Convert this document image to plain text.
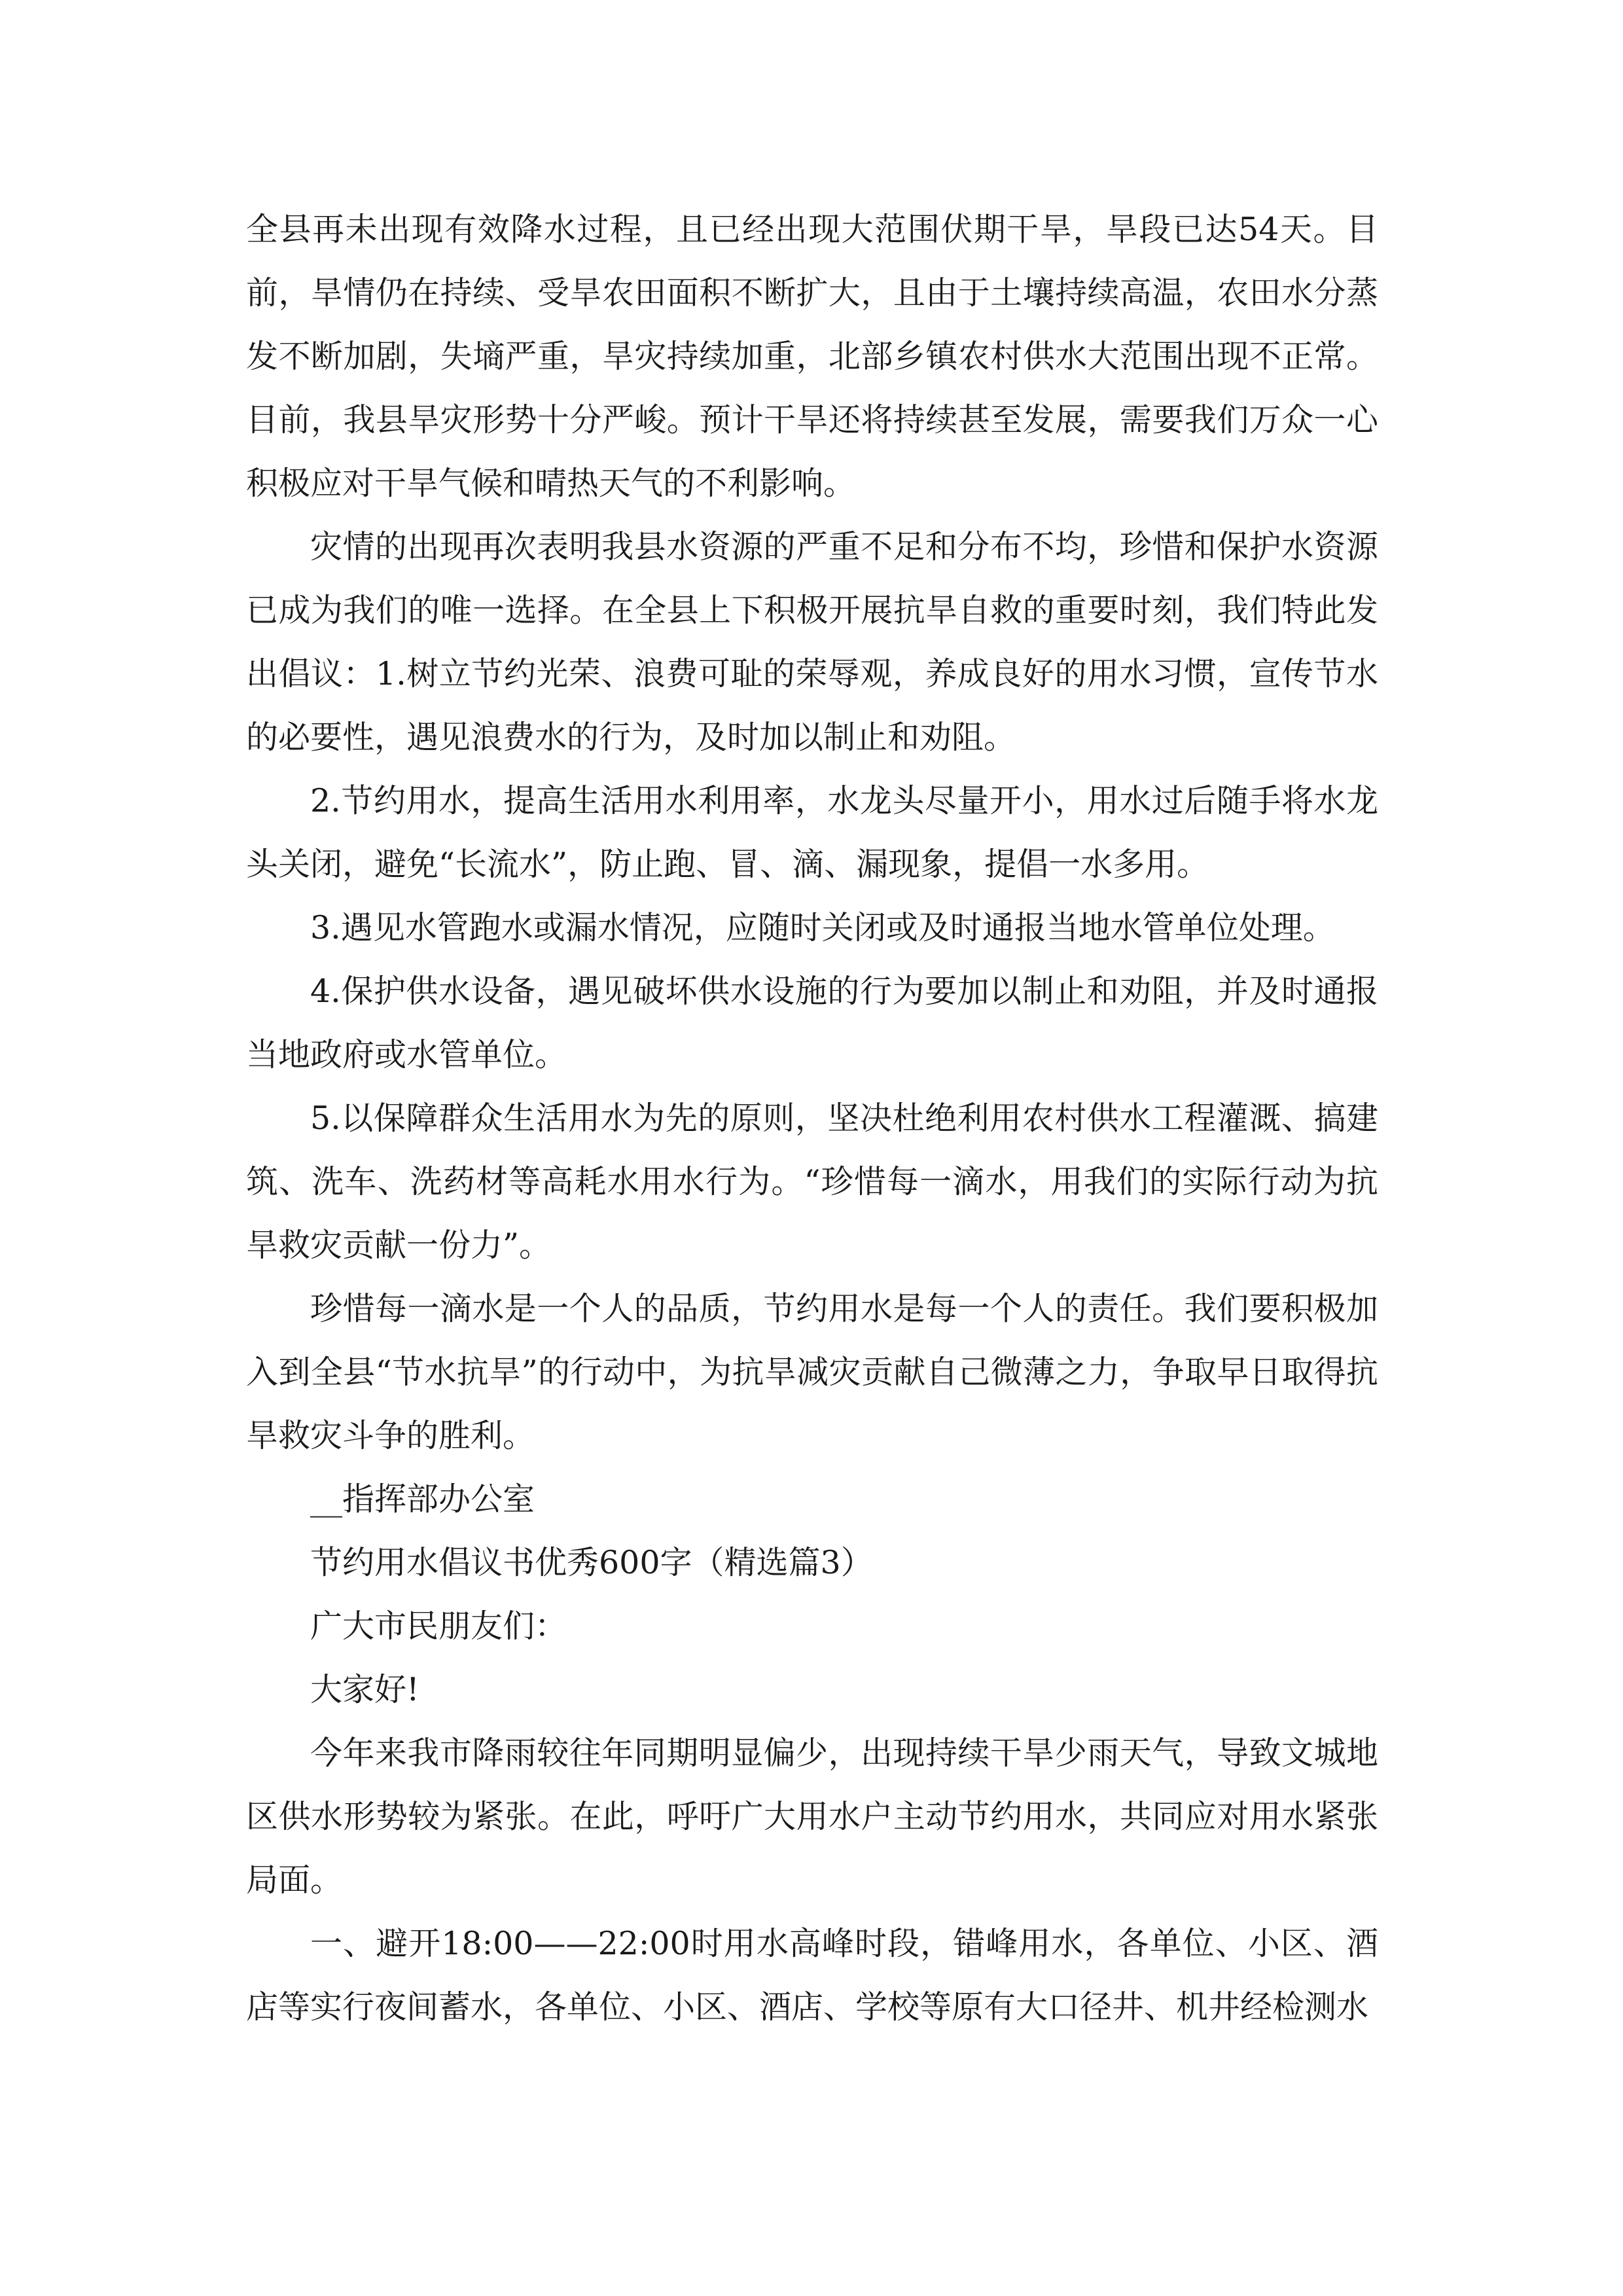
全县再未出现有效降水过程，且已经出现大范围伏期干旱，旱段已达54天。目前，旱情仍在持续、受旱农田面积不断扩大，且由于土壤持续高温，农田水分蒸发不断加剧，失墒严重，旱灾持续加重，北部乡镇农村供水大范围出现不正常。目前，我县旱灾形势十分严峻。预计干旱还将持续甚至发展，需要我们万众一心积极应对干旱气候和晴热天气的不利影响。

灾情的出现再次表明我县水资源的严重不足和分布不均，珍惜和保护水资源已成为我们的唯一选择。在全县上下积极开展抗旱自救的重要时刻，我们特此发出倡议：1.树立节约光荣、浪费可耻的荣辱观，养成良好的用水习惯，宣传节水的必要性，遇见浪费水的行为，及时加以制止和劝阻。

2.节约用水，提高生活用水利用率，水龙头尽量开小，用水过后随手将水龙头关闭，避免“长流水”，防止跑、冒、滴、漏现象，提倡一水多用。

3.遇见水管跑水或漏水情况，应随时关闭或及时通报当地水管单位处理。

4.保护供水设备，遇见破坏供水设施的行为要加以制止和劝阻，并及时通报当地政府或水管单位。

5.以保障群众生活用水为先的原则，坚决杜绝利用农村供水工程灌溉、搞建筑、洗车、洗药材等高耗水用水行为。“珍惜每一滴水，用我们的实际行动为抗旱救灾贡献一份力”。

珍惜每一滴水是一个人的品质，节约用水是每一个人的责任。我们要积极加入到全县“节水抗旱”的行动中，为抗旱减灾贡献自己微薄之力，争取早日取得抗旱救灾斗争的胜利。

__指挥部办公室

节约用水倡议书优秀600字（精选篇3）

广大市民朋友们：

大家好!

今年来我市降雨较往年同期明显偏少，出现持续干旱少雨天气，导致文城地区供水形势较为紧张。在此，呼吁广大用水户主动节约用水，共同应对用水紧张局面。

一、避开18:00——22:00时用水高峰时段，错峰用水，各单位、小区、酒店等实行夜间蓄水，各单位、小区、酒店、学校等原有大口径井、机井经检测水
